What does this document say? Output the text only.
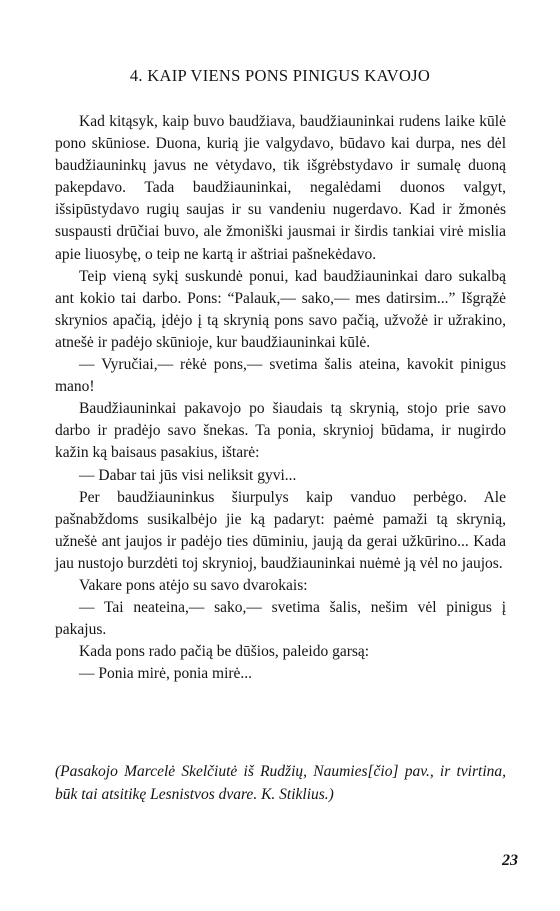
4. KAIP VIENS PONS PINIGUS KAVOJO

Kad kitąsyk, kaip buvo baudžiava, baudžiauninkai rudens laike kūlė pono skūniose. Duona, kurią jie valgydavo, būdavo kai durpa, nes dėl baudžiauninkų javus ne vėtydavo, tik išgrėbstydavo ir sumalę duoną pakepdavo. Tada baudžiauninkai, negalėdami duonos valgyt, išsipūstydavo rugių saujas ir su vandeniu nugerdavo. Kad ir žmonės suspausti drūčiai buvo, ale žmoniški jausmai ir širdis tankiai virė mislia apie liuosybę, o teip ne kartą ir aštriai pašnekėdavo.

Teip vieną sykį suskundė ponui, kad baudžiauninkai daro sukalbą ant kokio tai darbo. Pons: “Palauk,— sako,— mes datirsim...” Išgrąžė skrynios apačią, įdėjo į tą skrynią pons savo pačią, užvožė ir užrakino, atnešė ir padėjo skūnioje, kur baudžiauninkai kūlė.

— Vyručiai,— rėkė pons,— svetima šalis ateina, kavokit pinigus mano!

Baudžiauninkai pakavojo po šiaudais tą skrynią, stojo prie savo darbo ir pradėjo savo šnekas. Ta ponia, skrynioj būdama, ir nugirdo kažin ką baisaus pasakius, ištarė:

— Dabar tai jūs visi neliksit gyvi...

Per baudžiauninkus šiurpulys kaip vanduo perbėgo. Ale pašnabždoms susikalbėjo jie ką padaryt: paėmė pamaži tą skrynią, užnešė ant jaujos ir padėjo ties dūminiu, jaują da gerai užkūrino... Kada jau nustojo burzdėti toj skrynioj, baudžiauninkai nuėmė ją vėl no jaujos.

Vakare pons atėjo su savo dvarokais:

— Tai neateina,— sako,— svetima šalis, nešim vėl pinigus į pakajus.

Kada pons rado pačią be dūšios, paleido garsą:

— Ponia mirė, ponia mirė...

(Pasakojo Marcelė Skelčiutė iš Rudžių, Naumies[čio] pav., ir tvirtina, būk tai atsitikę Lesnistvos dvare. K. Stiklius.)

23
